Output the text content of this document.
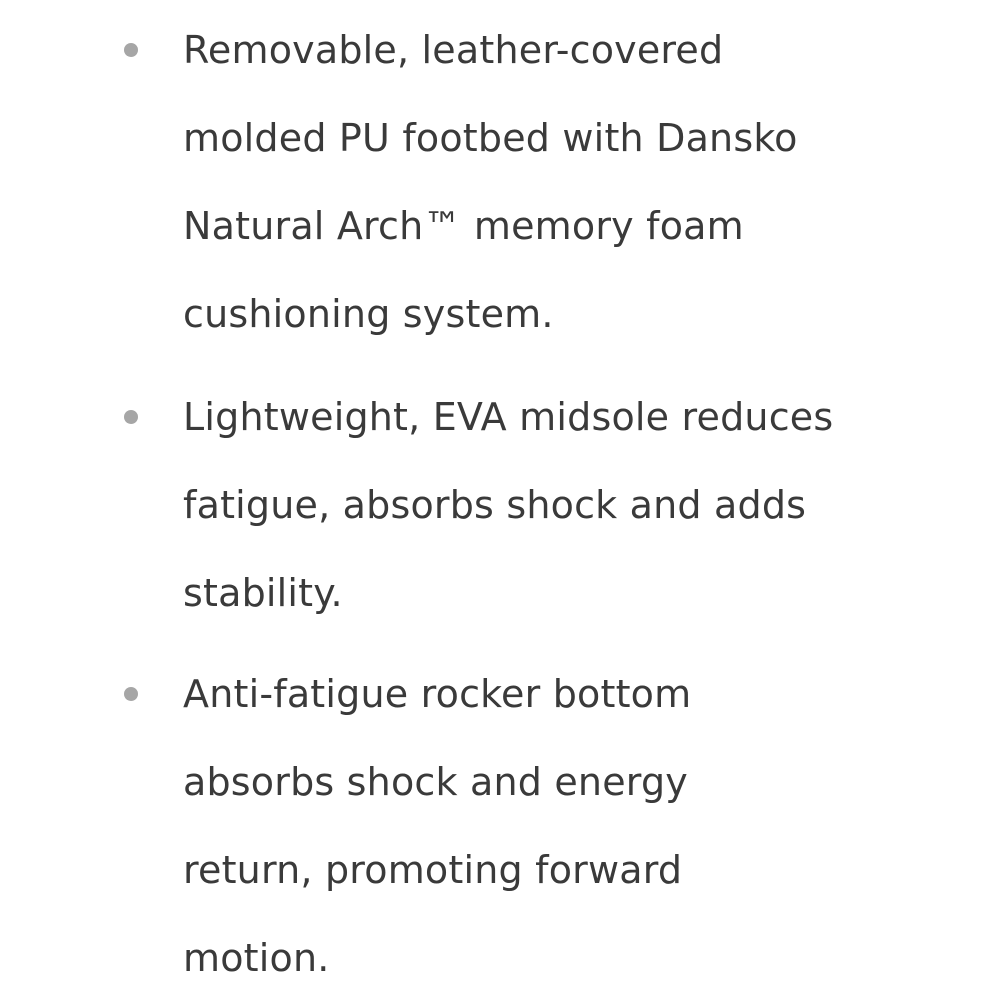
Removable, leather-covered
molded PU footbed with Dansko
Natural Arch™ memory foam
cushioning system.
Lightweight, EVA midsole reduces
fatigue, absorbs shock and adds
stability.
Anti-fatigue rocker bottom
absorbs shock and energy
return, promoting forward
motion.
